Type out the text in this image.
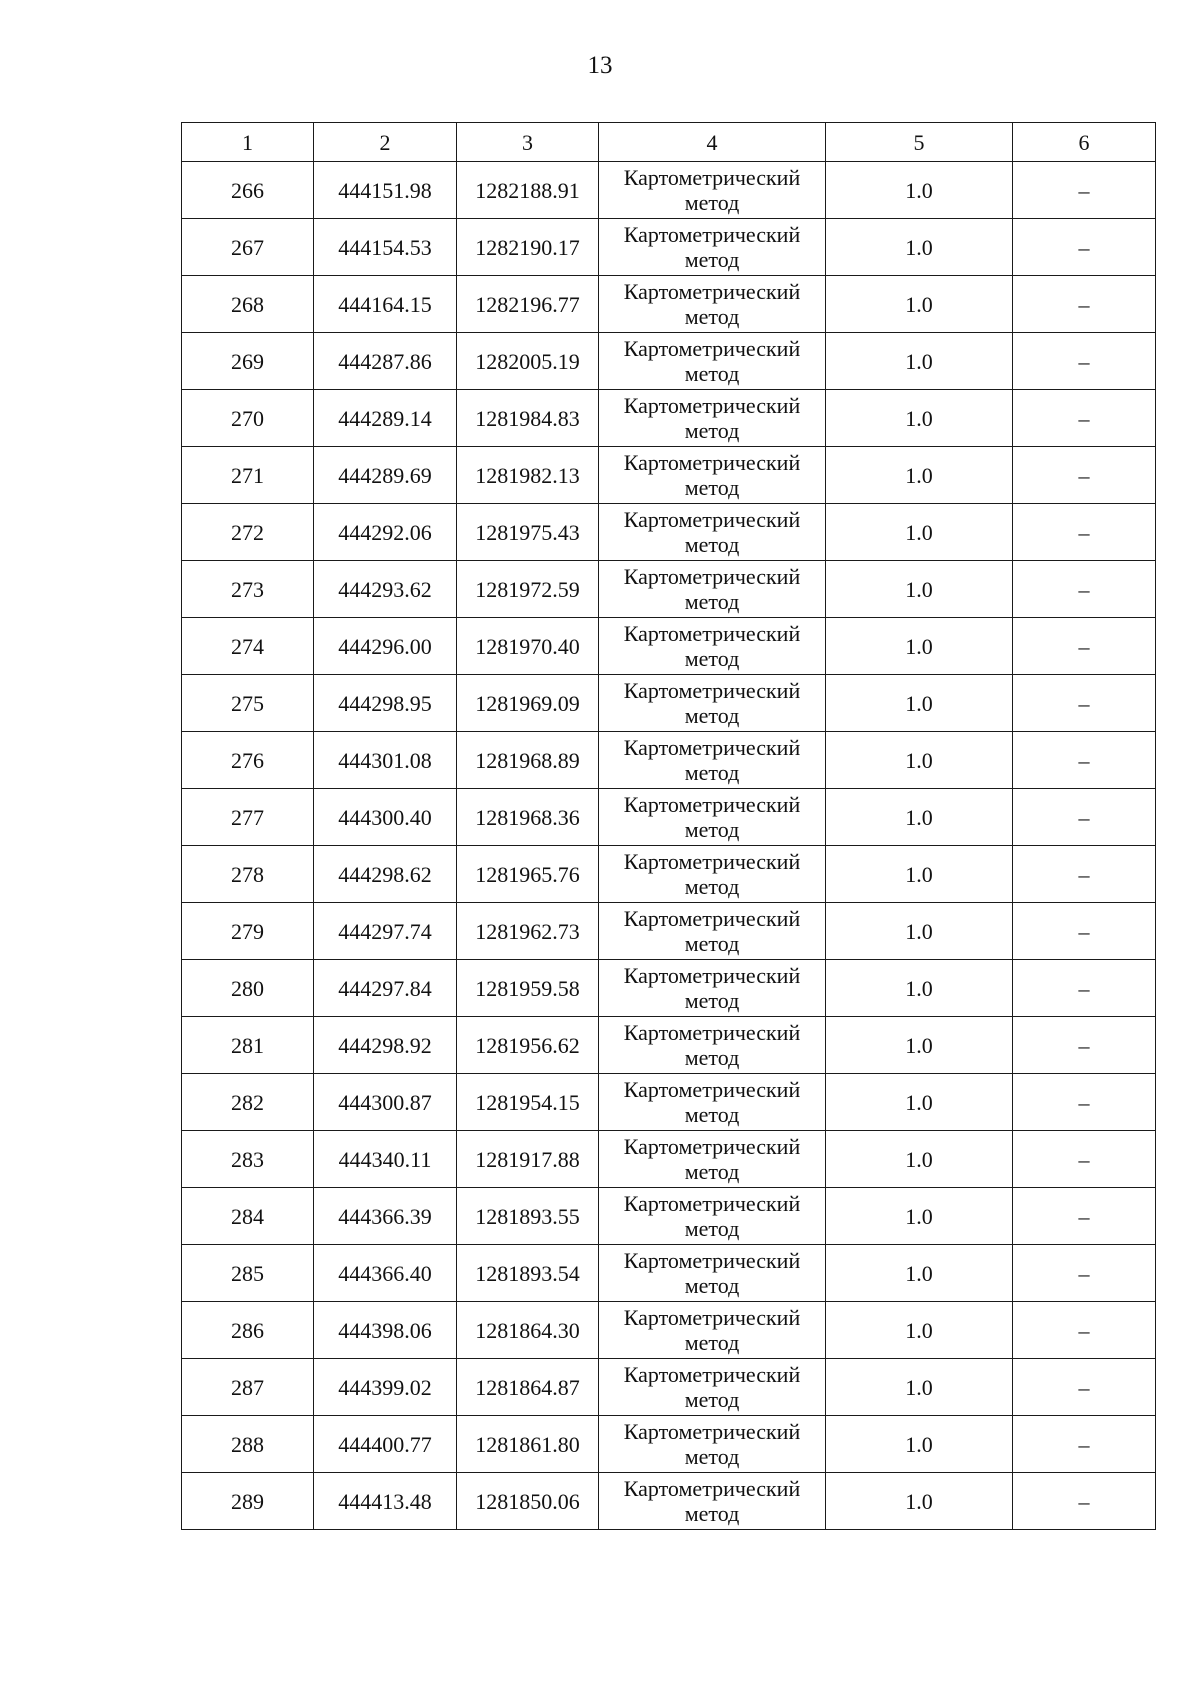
13
1	2	3	4	5	6
266	444151.98	1282188.91	Картометрический метод	1.0	–
267	444154.53	1282190.17	Картометрический метод	1.0	–
268	444164.15	1282196.77	Картометрический метод	1.0	–
269	444287.86	1282005.19	Картометрический метод	1.0	–
270	444289.14	1281984.83	Картометрический метод	1.0	–
271	444289.69	1281982.13	Картометрический метод	1.0	–
272	444292.06	1281975.43	Картометрический метод	1.0	–
273	444293.62	1281972.59	Картометрический метод	1.0	–
274	444296.00	1281970.40	Картометрический метод	1.0	–
275	444298.95	1281969.09	Картометрический метод	1.0	–
276	444301.08	1281968.89	Картометрический метод	1.0	–
277	444300.40	1281968.36	Картометрический метод	1.0	–
278	444298.62	1281965.76	Картометрический метод	1.0	–
279	444297.74	1281962.73	Картометрический метод	1.0	–
280	444297.84	1281959.58	Картометрический метод	1.0	–
281	444298.92	1281956.62	Картометрический метод	1.0	–
282	444300.87	1281954.15	Картометрический метод	1.0	–
283	444340.11	1281917.88	Картометрический метод	1.0	–
284	444366.39	1281893.55	Картометрический метод	1.0	–
285	444366.40	1281893.54	Картометрический метод	1.0	–
286	444398.06	1281864.30	Картометрический метод	1.0	–
287	444399.02	1281864.87	Картометрический метод	1.0	–
288	444400.77	1281861.80	Картометрический метод	1.0	–
289	444413.48	1281850.06	Картометрический метод	1.0	–
